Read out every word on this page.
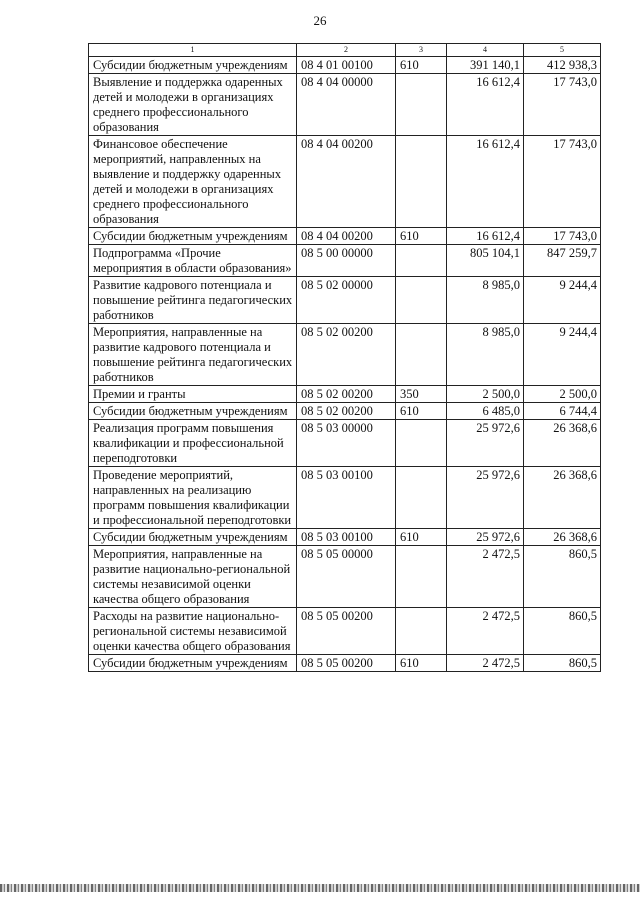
26
1	2	3	4	5
Субсидии бюджетным учреждениям	08 4 01 00100	610	391 140,1	412 938,3
Выявление и поддержка одаренных детей и молодежи в организациях среднего профессионального образования	08 4 04 00000		16 612,4	17 743,0
Финансовое обеспечение мероприятий, направленных на выявление и поддержку одаренных детей и молодежи в организациях среднего профессионального образования	08 4 04 00200		16 612,4	17 743,0
Субсидии бюджетным учреждениям	08 4 04 00200	610	16 612,4	17 743,0
Подпрограмма «Прочие мероприятия в области образования»	08 5 00 00000		805 104,1	847 259,7
Развитие кадрового потенциала и повышение рейтинга педагогических работников	08 5 02 00000		8 985,0	9 244,4
Мероприятия, направленные на развитие кадрового потенциала и повышение рейтинга педагогических работников	08 5 02 00200		8 985,0	9 244,4
Премии и гранты	08 5 02 00200	350	2 500,0	2 500,0
Субсидии бюджетным учреждениям	08 5 02 00200	610	6 485,0	6 744,4
Реализация программ повышения квалификации и профессиональной переподготовки	08 5 03 00000		25 972,6	26 368,6
Проведение мероприятий, направленных на реализацию программ повышения квалификации и профессиональной переподготовки	08 5 03 00100		25 972,6	26 368,6
Субсидии бюджетным учреждениям	08 5 03 00100	610	25 972,6	26 368,6
Мероприятия, направленные на развитие национально-региональной системы независимой оценки качества общего образования	08 5 05 00000		2 472,5	860,5
Расходы на развитие национально-региональной системы независимой оценки качества общего образования	08 5 05 00200		2 472,5	860,5
Субсидии бюджетным учреждениям	08 5 05 00200	610	2 472,5	860,5
